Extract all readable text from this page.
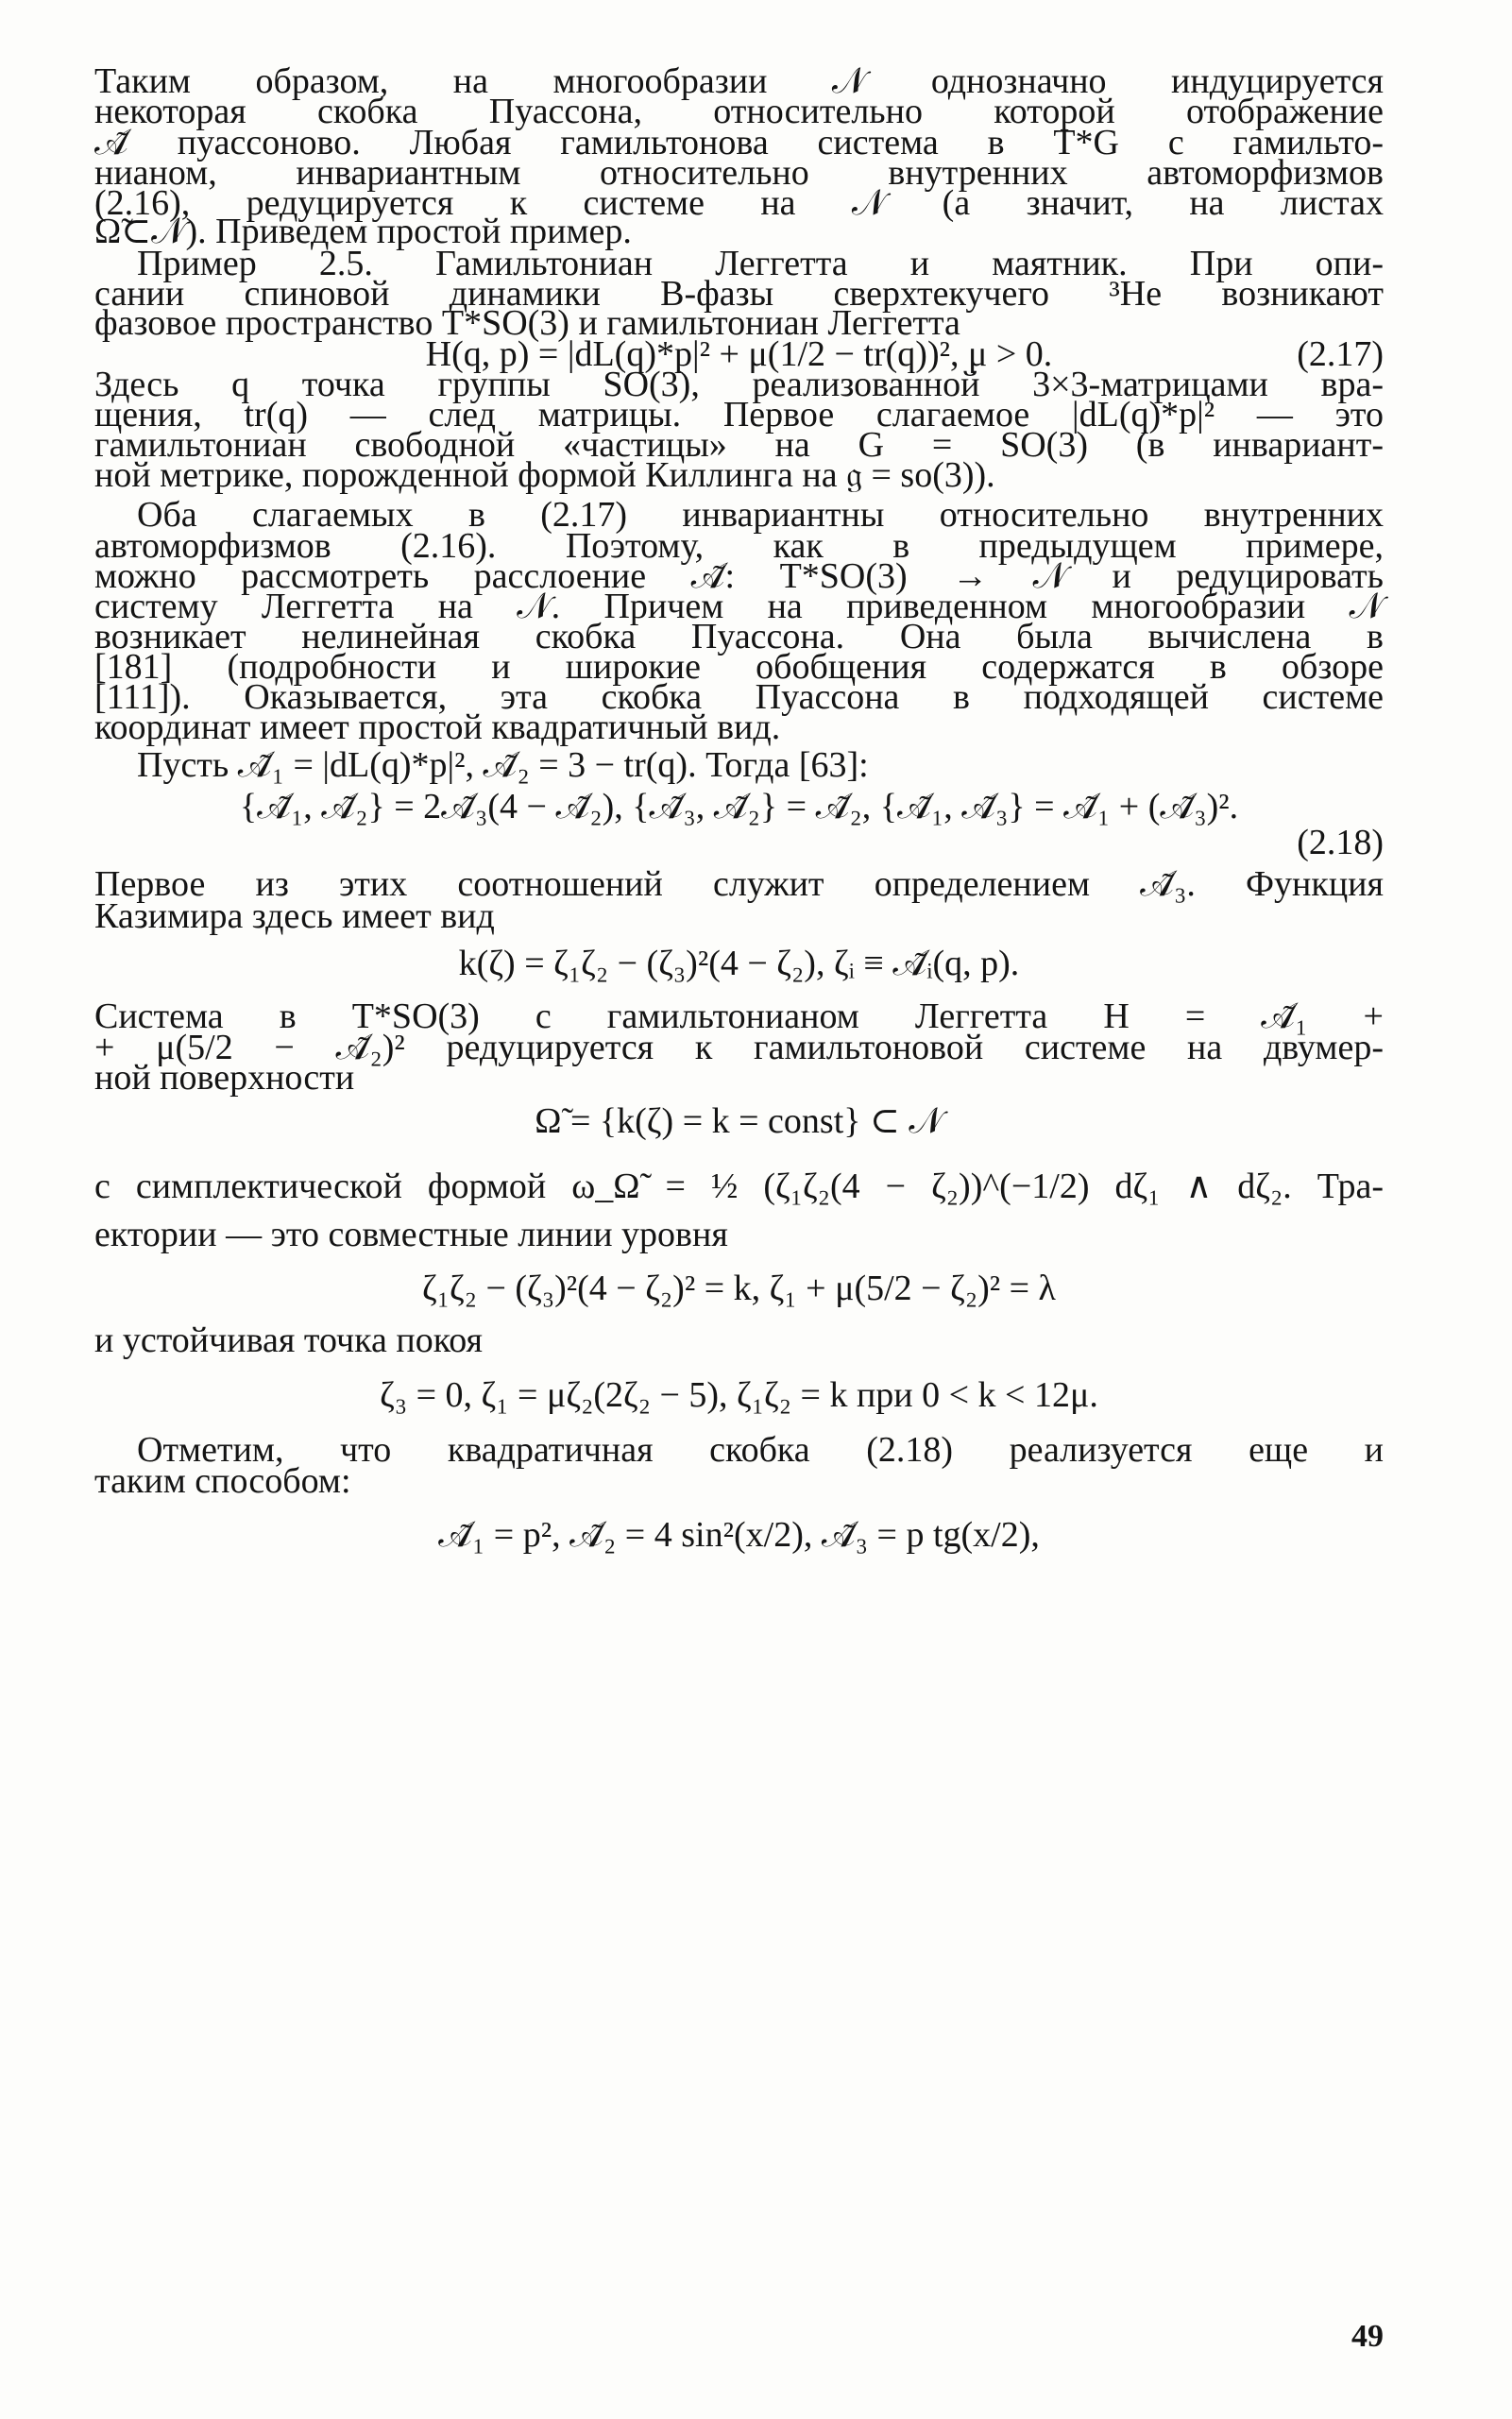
Таким образом, на многообразии 𝒩 однозначно индуцируется
некоторая скобка Пуассона, относительно которой отображение
𝒜̃ пуассоново. Любая гамильтонова система в T*G с гамильто-
нианом, инвариантным относительно внутренних автоморфизмов
(2.16), редуцируется к системе на 𝒩 (а значит, на листах
Ω̃⊂𝒩). Приведем простой пример.
Пример 2.5. Гамильтониан Леггетта и маятник. При опи-
сании спиновой динамики B-фазы сверхтекучего ³He возникают
фазовое пространство T*SO(3) и гамильтониан Леггетта
H(q, p) = |dL(q)*p|² + μ(1/2 − tr(q))², μ > 0.	(2.17)
Здесь q точка группы SO(3), реализованной 3×3-матрицами вра-
щения, tr(q) — след матрицы. Первое слагаемое |dL(q)*p|² — это
гамильтониан свободной «частицы» на G = SO(3) (в инвариант-
ной метрике, порожденной формой Киллинга на 𝔤 = so(3)).
Оба слагаемых в (2.17) инвариантны относительно внутренних
автоморфизмов (2.16). Поэтому, как в предыдущем примере,
можно рассмотреть расслоение 𝒜̃: T*SO(3) → 𝒩 и редуцировать
систему Леггетта на 𝒩. Причем на приведенном многообразии 𝒩
возникает нелинейная скобка Пуассона. Она была вычислена в
[181] (подробности и широкие обобщения содержатся в обзоре
[111]). Оказывается, эта скобка Пуассона в подходящей системе
координат имеет простой квадратичный вид.
Пусть 𝒜̃₁ = |dL(q)*p|², 𝒜̃₂ = 3 − tr(q). Тогда [63]:
{𝒜̃₁, 𝒜̃₂} = 2𝒜̃₃(4 − 𝒜̃₂), {𝒜̃₃, 𝒜̃₂} = 𝒜̃₂, {𝒜̃₁, 𝒜̃₃} = 𝒜̃₁ + (𝒜̃₃)².
(2.18)
Первое из этих соотношений служит определением 𝒜̃₃. Функция
Казимира здесь имеет вид
k(ζ) = ζ₁ζ₂ − (ζ₃)²(4 − ζ₂), ζᵢ ≡ 𝒜̃ᵢ(q, p).
Система в T*SO(3) с гамильтонианом Леггетта H = 𝒜̃₁ +
+ μ(5/2 − 𝒜̃₂)² редуцируется к гамильтоновой системе на двумер-
ной поверхности
Ω̃ = {k(ζ) = k = const} ⊂ 𝒩
с симплектической формой ω_Ω̃ = ½ (ζ₁ζ₂(4 − ζ₂))^(−1/2) dζ₁ ∧ dζ₂. Тра-
ектории — это совместные линии уровня
ζ₁ζ₂ − (ζ₃)²(4 − ζ₂)² = k, ζ₁ + μ(5/2 − ζ₂)² = λ
и устойчивая точка покоя
ζ₃ = 0, ζ₁ = μζ₂(2ζ₂ − 5), ζ₁ζ₂ = k при 0 < k < 12μ.
Отметим, что квадратичная скобка (2.18) реализуется еще и
таким способом:
𝒜̃₁ = p², 𝒜̃₂ = 4 sin²(x/2), 𝒜̃₃ = p tg(x/2),
49
